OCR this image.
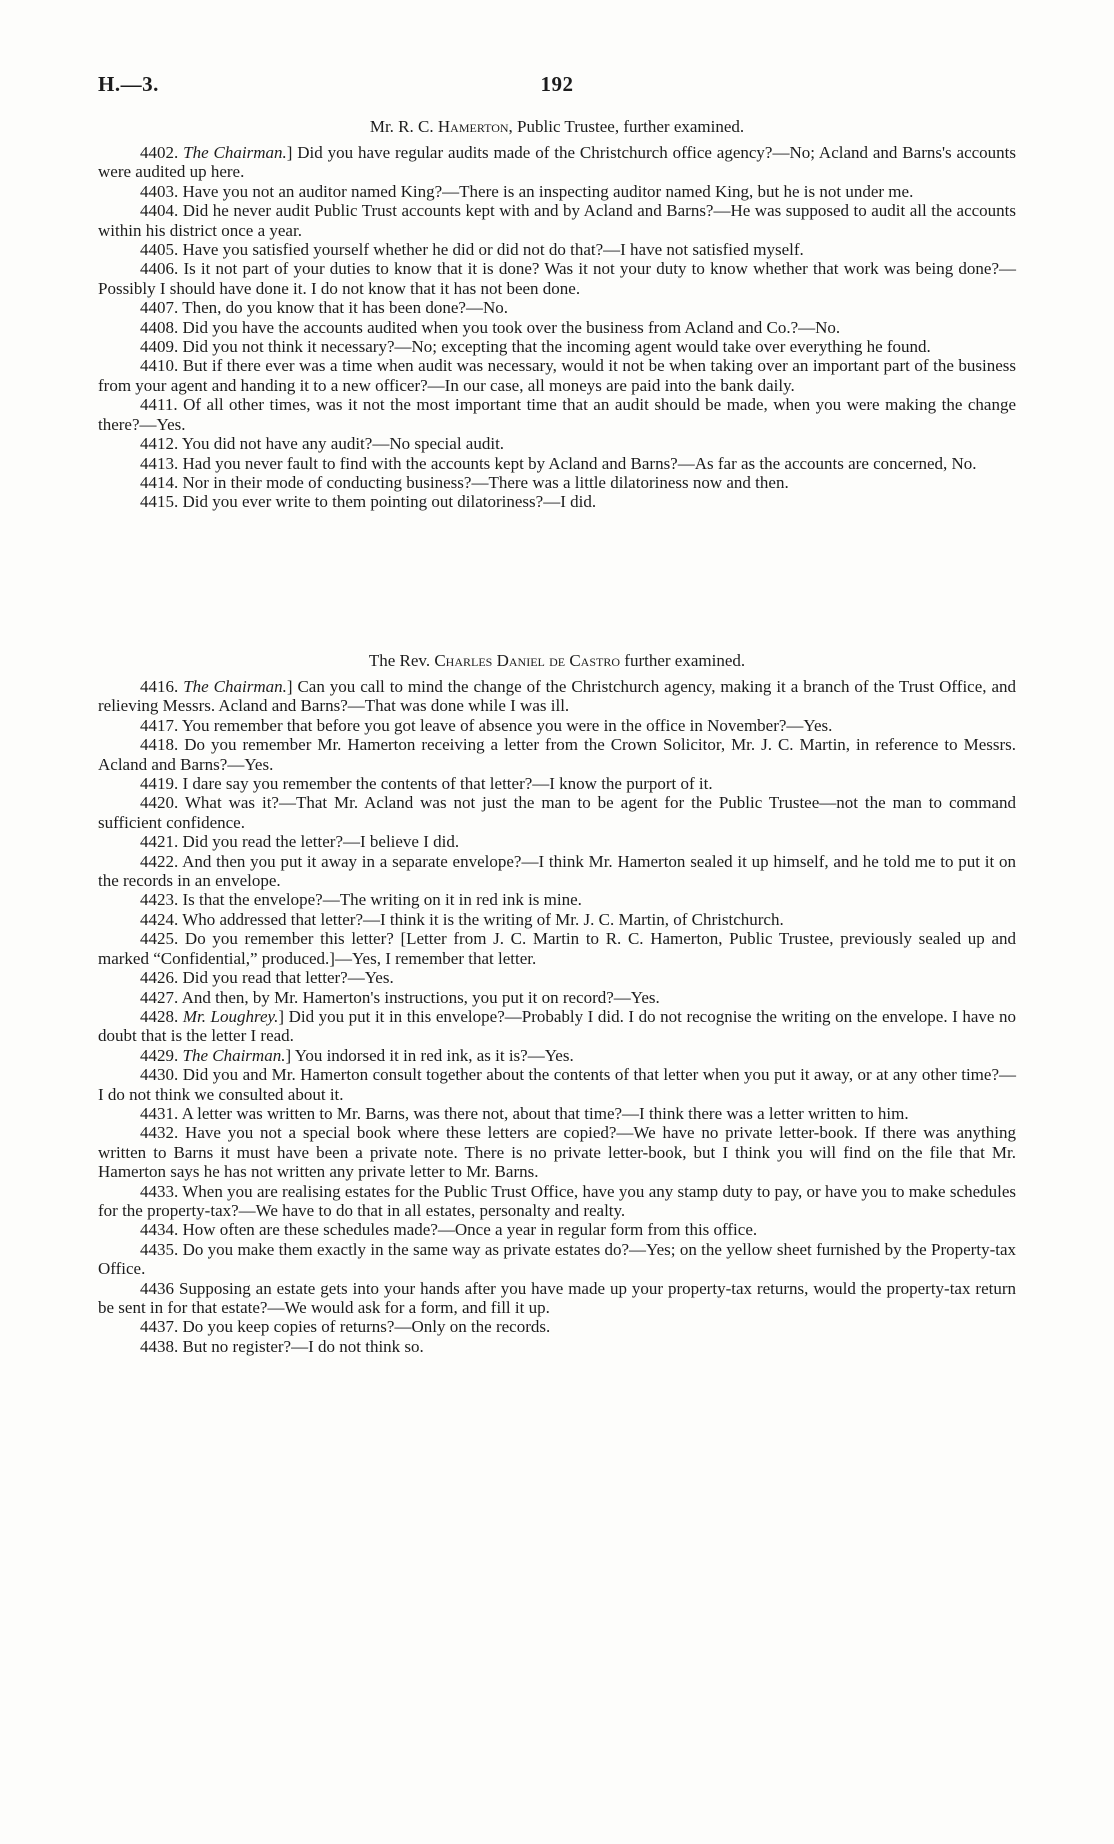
H.—3.	192
Mr. R. C. Hamerton, Public Trustee, further examined.

4402. The Chairman.] Did you have regular audits made of the Christchurch office agency?—No; Acland and Barns's accounts were audited up here.

4403. Have you not an auditor named King?—There is an inspecting auditor named King, but he is not under me.

4404. Did he never audit Public Trust accounts kept with and by Acland and Barns?—He was supposed to audit all the accounts within his district once a year.

4405. Have you satisfied yourself whether he did or did not do that?—I have not satisfied myself.

4406. Is it not part of your duties to know that it is done? Was it not your duty to know whether that work was being done?—Possibly I should have done it. I do not know that it has not been done.

4407. Then, do you know that it has been done?—No.

4408. Did you have the accounts audited when you took over the business from Acland and Co.?—No.

4409. Did you not think it necessary?—No; excepting that the incoming agent would take over everything he found.

4410. But if there ever was a time when audit was necessary, would it not be when taking over an important part of the business from your agent and handing it to a new officer?—In our case, all moneys are paid into the bank daily.

4411. Of all other times, was it not the most important time that an audit should be made, when you were making the change there?—Yes.

4412. You did not have any audit?—No special audit.

4413. Had you never fault to find with the accounts kept by Acland and Barns?—As far as the accounts are concerned, No.

4414. Nor in their mode of conducting business?—There was a little dilatoriness now and then.

4415. Did you ever write to them pointing out dilatoriness?—I did.

The Rev. Charles Daniel de Castro further examined.

4416. The Chairman.] Can you call to mind the change of the Christchurch agency, making it a branch of the Trust Office, and relieving Messrs. Acland and Barns?—That was done while I was ill.

4417. You remember that before you got leave of absence you were in the office in November?—Yes.

4418. Do you remember Mr. Hamerton receiving a letter from the Crown Solicitor, Mr. J. C. Martin, in reference to Messrs. Acland and Barns?—Yes.

4419. I dare say you remember the contents of that letter?—I know the purport of it.

4420. What was it?—That Mr. Acland was not just the man to be agent for the Public Trustee—not the man to command sufficient confidence.

4421. Did you read the letter?—I believe I did.

4422. And then you put it away in a separate envelope?—I think Mr. Hamerton sealed it up himself, and he told me to put it on the records in an envelope.

4423. Is that the envelope?—The writing on it in red ink is mine.

4424. Who addressed that letter?—I think it is the writing of Mr. J. C. Martin, of Christchurch.

4425. Do you remember this letter? [Letter from J. C. Martin to R. C. Hamerton, Public Trustee, previously sealed up and marked “Confidential,” produced.]—Yes, I remember that letter.

4426. Did you read that letter?—Yes.

4427. And then, by Mr. Hamerton's instructions, you put it on record?—Yes.

4428. Mr. Loughrey.] Did you put it in this envelope?—Probably I did. I do not recognise the writing on the envelope. I have no doubt that is the letter I read.

4429. The Chairman.] You indorsed it in red ink, as it is?—Yes.

4430. Did you and Mr. Hamerton consult together about the contents of that letter when you put it away, or at any other time?—I do not think we consulted about it.

4431. A letter was written to Mr. Barns, was there not, about that time?—I think there was a letter written to him.

4432. Have you not a special book where these letters are copied?—We have no private letter-book. If there was anything written to Barns it must have been a private note. There is no private letter-book, but I think you will find on the file that Mr. Hamerton says he has not written any private letter to Mr. Barns.

4433. When you are realising estates for the Public Trust Office, have you any stamp duty to pay, or have you to make schedules for the property-tax?—We have to do that in all estates, personalty and realty.

4434. How often are these schedules made?—Once a year in regular form from this office.

4435. Do you make them exactly in the same way as private estates do?—Yes; on the yellow sheet furnished by the Property-tax Office.

4436 Supposing an estate gets into your hands after you have made up your property-tax returns, would the property-tax return be sent in for that estate?—We would ask for a form, and fill it up.

4437. Do you keep copies of returns?—Only on the records.

4438. But no register?—I do not think so.
